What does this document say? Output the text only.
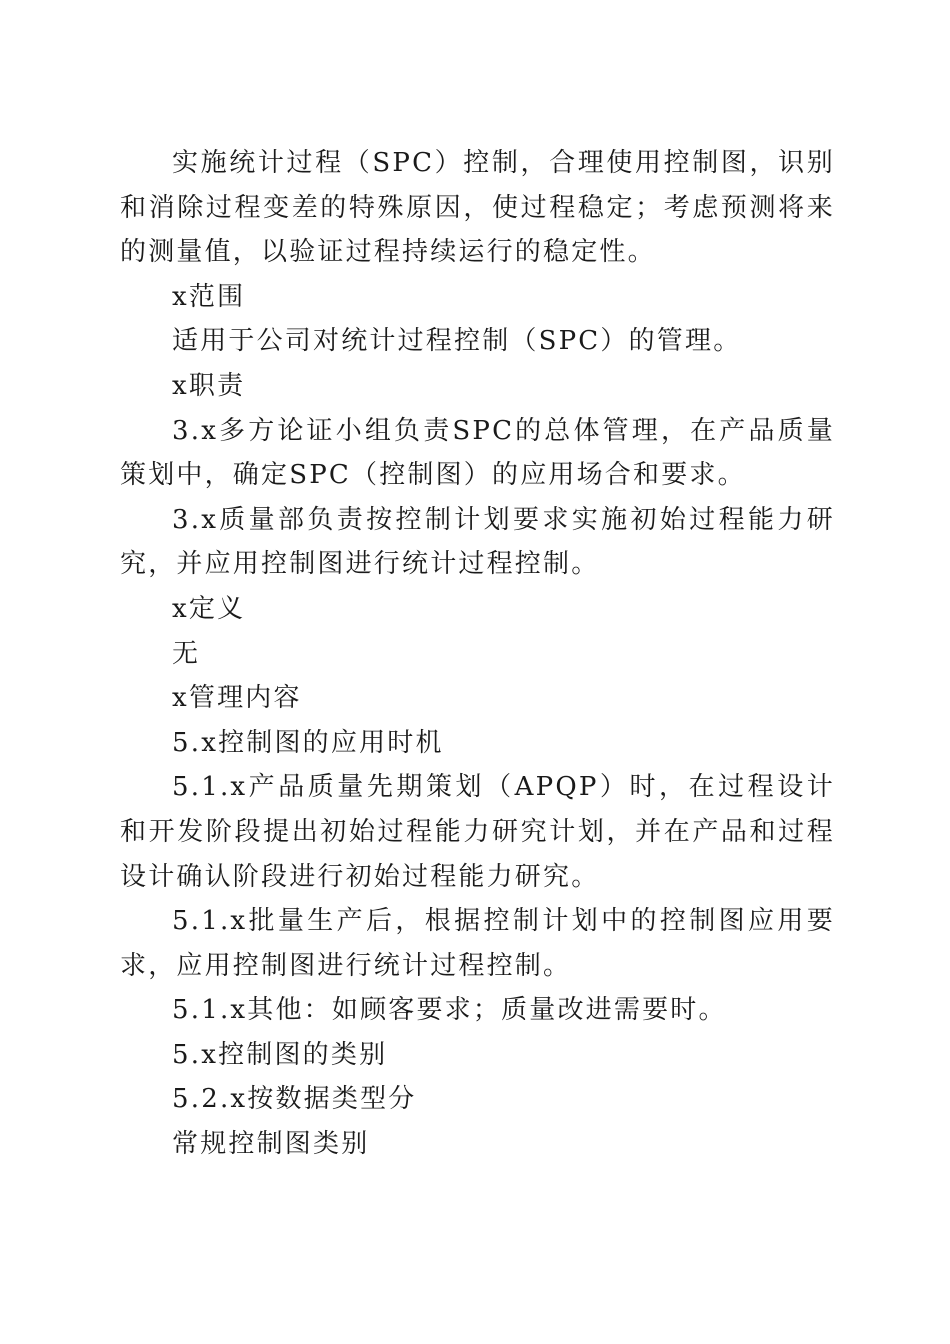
实施统计过程（SPC）控制，合理使用控制图，识别和消除过程变差的特殊原因，使过程稳定；考虑预测将来的测量值，以验证过程持续运行的稳定性。

x范围

适用于公司对统计过程控制（SPC）的管理。

x职责

3.x多方论证小组负责SPC的总体管理，在产品质量策划中，确定SPC（控制图）的应用场合和要求。

3.x质量部负责按控制计划要求实施初始过程能力研究，并应用控制图进行统计过程控制。

x定义

无

x管理内容

5.x控制图的应用时机

5.1.x产品质量先期策划（APQP）时，在过程设计和开发阶段提出初始过程能力研究计划，并在产品和过程设计确认阶段进行初始过程能力研究。

5.1.x批量生产后，根据控制计划中的控制图应用要求，应用控制图进行统计过程控制。

5.1.x其他：如顾客要求；质量改进需要时。

5.x控制图的类别

5.2.x按数据类型分

常规控制图类别
